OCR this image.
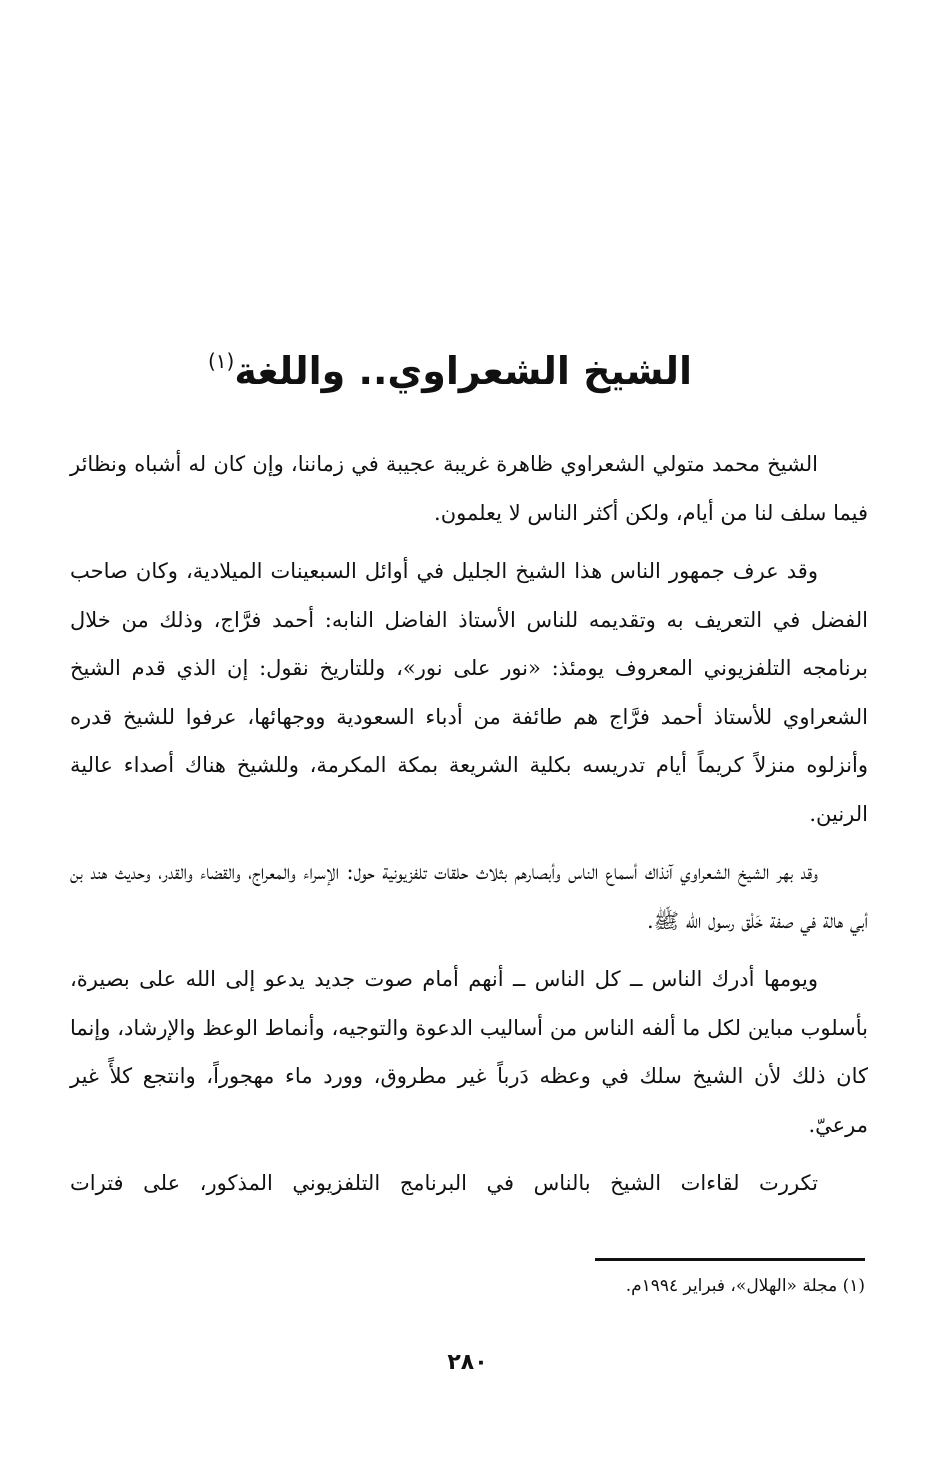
الشيخ الشعراوي.. واللغة$^{(١)}$

الشيخ محمد متولي الشعراوي ظاهرة غريبة عجيبة في زماننا، وإن كان له أشباه ونظائر فيما سلف لنا من أيام، ولكن أكثر الناس لا يعلمون.

وقد عرف جمهور الناس هذا الشيخ الجليل في أوائل السبعينات الميلادية، وكان صاحب الفضل في التعريف به وتقديمه للناس الأستاذ الفاضل النابه: أحمد فرَّاج، وذلك من خلال برنامجه التلفزيوني المعروف يومئذ: «نور على نور»، وللتاريخ نقول: إن الذي قدم الشيخ الشعراوي للأستاذ أحمد فرَّاج هم طائفة من أدباء السعودية ووجهائها، عرفوا للشيخ قدره وأنزلوه منزلاً كريماً أيام تدريسه بكلية الشريعة بمكة المكرمة، وللشيخ هناك أصداء عالية الرنين.

وقد بهر الشيخ الشعراوي آنذاك أسماع الناس وأبصارهم بثلاث حلقات تلفزيونية حول: الإسراء والمعراج، والقضاء والقدر، وحديث هند بن أبي هالة في صفة خَلْق رسول الله ﷺ.

ويومها أدرك الناس ــ كل الناس ــ أنهم أمام صوت جديد يدعو إلى الله على بصيرة، بأسلوب مباين لكل ما ألفه الناس من أساليب الدعوة والتوجيه، وأنماط الوعظ والإرشاد، وإنما كان ذلك لأن الشيخ سلك في وعظه دَرباً غير مطروق، وورد ماء مهجوراً، وانتجع كلأً غير مرعيّ.

تكررت لقاءات الشيخ بالناس في البرنامج التلفزيوني المذكور، على فترات

(١) مجلة «الهلال»، فبراير ١٩٩٤م.
٢٨٠
